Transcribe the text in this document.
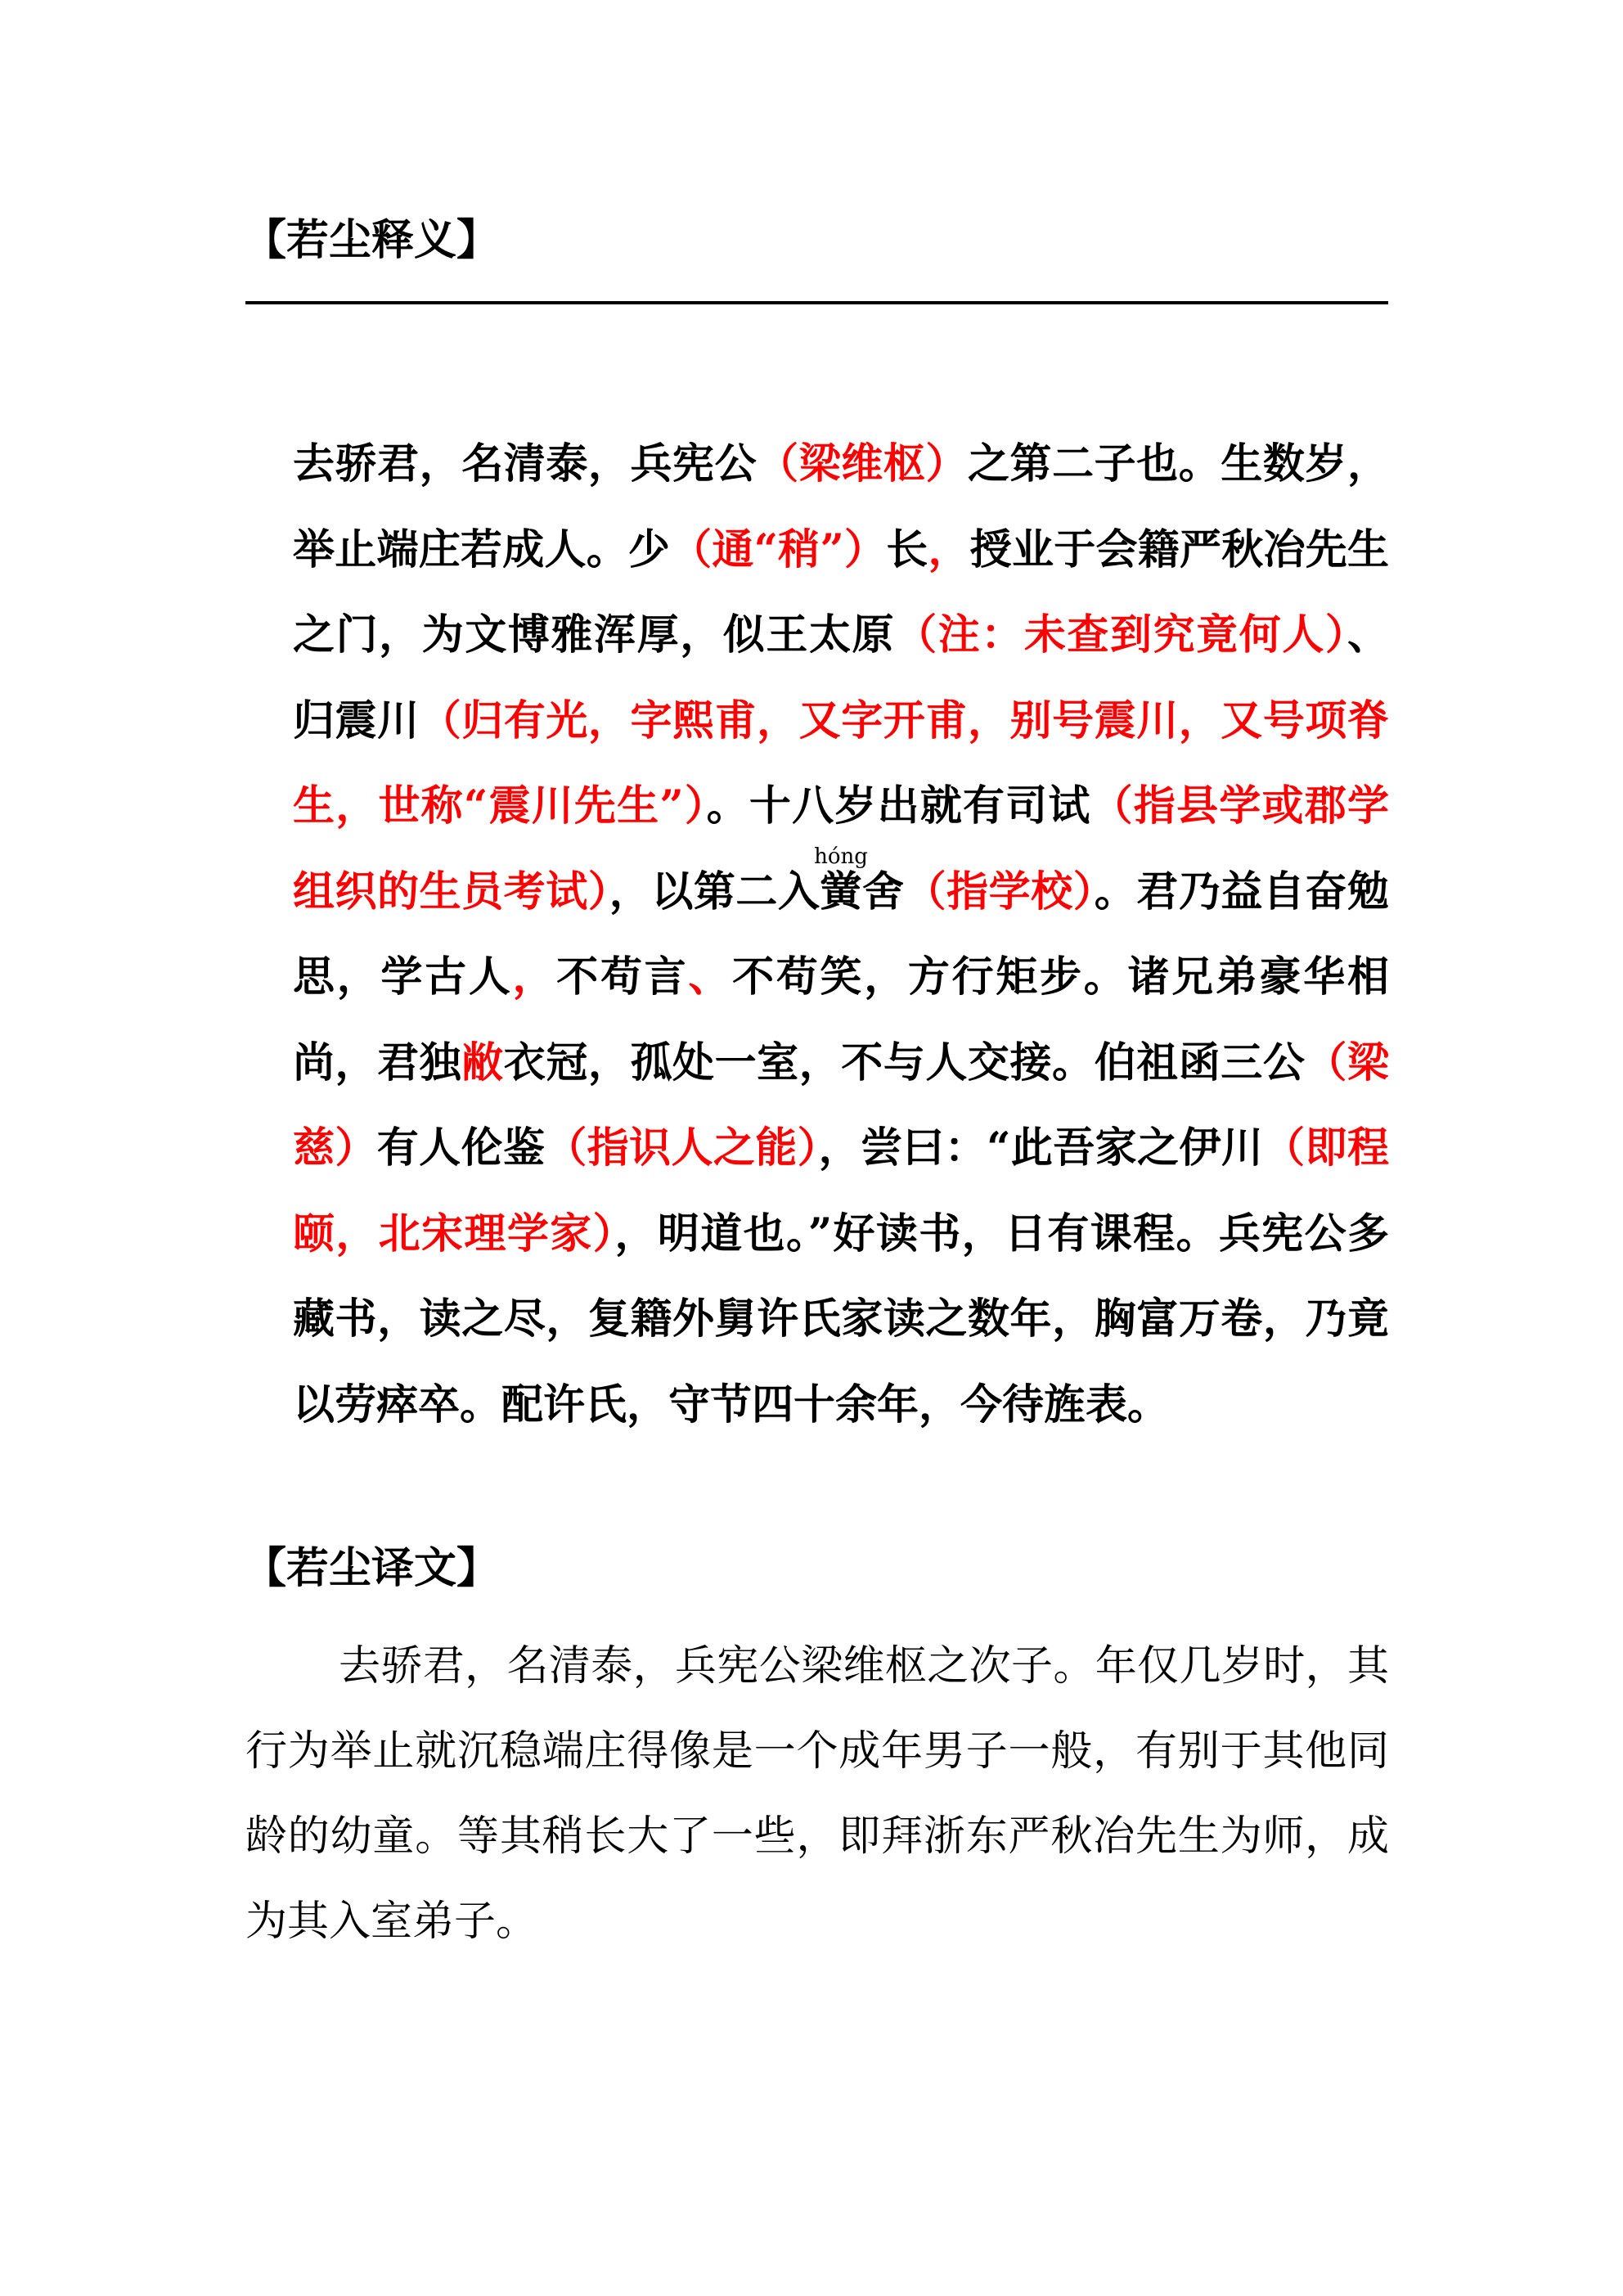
【若尘释义】
去骄君，名清泰，兵宪公（梁维枢）之第二子也。生数岁，举止端庄若成人。少（通“稍”）长，授业于会籍严秋冶先生之门，为文博雅浑厚，似王太原（注：未查到究竟何人）、归震川（归有光，字熙甫，又字开甫，别号震川，又号项脊生，世称“震川先生”）。十八岁出就有司试（指县学或郡学组织的生员考试），以第二入黉hóng舍（指学校）。君乃益自奋勉思，学古人，不苟言、不苟笑，方行矩步。诸兄弟豪华相尚，君独敝衣冠，孤处一室，不与人交接。伯祖函三公（梁慈）有人伦鉴（指识人之能），尝曰：“此吾家之伊川（即程颐，北宋理学家），明道也。”好读书，日有课程。兵宪公多藏书，读之尽，复籍外舅许氏家读之数年，胸富万卷，乃竟以劳瘁卒。配许氏，守节四十余年，今待旌表。
【若尘译文】
去骄君，名清泰，兵宪公梁维枢之次子。年仅几岁时，其行为举止就沉稳端庄得像是一个成年男子一般，有别于其他同龄的幼童。等其稍长大了一些，即拜浙东严秋冶先生为师，成为其入室弟子。
